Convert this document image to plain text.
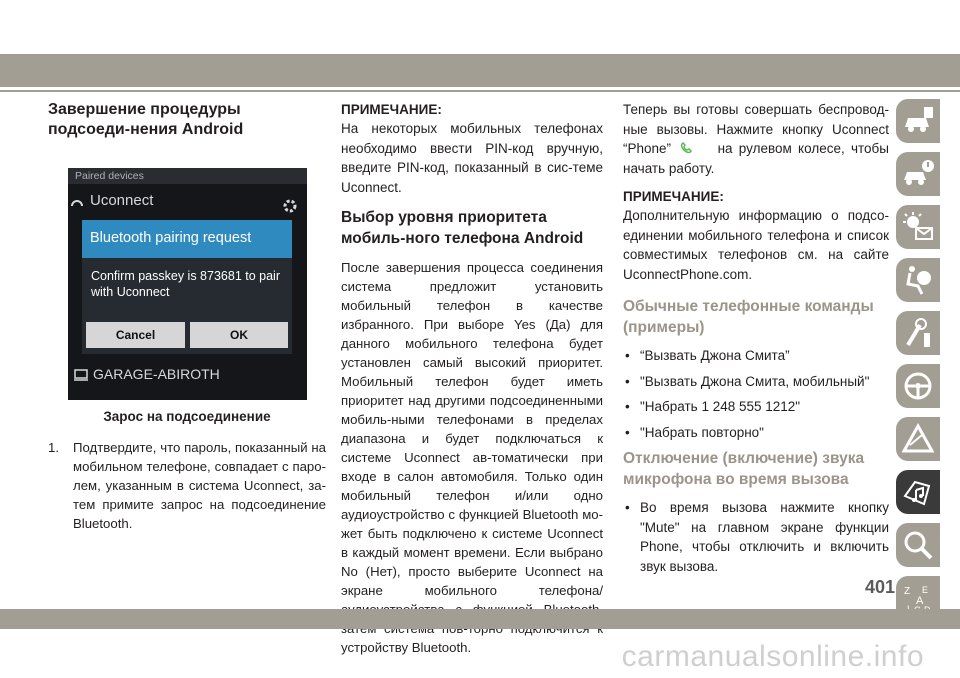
Завершение процедуры подсоеди-нения Android
Paired devices
Uconnect
Bluetooth pairing request
Confirm passkey is 873681 to pair with Uconnect
Cancel	OK
GARAGE-ABIROTH
Зарос на подсоединение
1. Подтвердите, что пароль, показанный на мобильном телефоне, совпадает с паро-лем, указанным в система Uconnect, за-тем примите запрос на подсоединение Bluetooth.

ПРИМЕЧАНИЕ:

На некоторых мобильных телефонах необходимо ввести PIN-код вручную, введите PIN-код, показанный в сис-теме Uconnect.

Выбор уровня приоритета мобиль-ного телефона Android

После завершения процесса соединения система предложит установить мобильный телефон в качестве избранного. При выборе Yes (Да) для данного мобильного телефона будет установлен самый высокий приоритет. Мобильный телефон будет иметь приоритет над другими подсоединенными мобиль-ными телефонами в пределах диапазона и будет подключаться к системе Uconnect ав-томатически при входе в салон автомобиля. Только один мобильный телефон и/или одно аудиоустройство с функцией Bluetooth мо-жет быть подключено к системе Uconnect в каждый момент времени. Если выбрано No (Нет), просто выберите Uconnect на экране мобильного телефона/ устройству Bluetooth.

Теперь вы готовы совершать беспровод-ные вызовы. Нажмите кнопку Uconnect “Phone”	на рулевом колесе, чтобы начать работу.

ПРИМЕЧАНИЕ:

Дополнительную информацию о подсо-единении мобильного телефона и список совместимых телефонов см. на сайте UconnectPhone.com.

Обычные телефонные команды (примеры)
• “Вызвать Джона Смита”
• "Вызвать Джона Смита, мобильный"
• "Набрать 1 248 555 1212"
• "Набрать повторно"
Отключение (включение) звука микрофона во время вызова
• Во время вызова нажмите кнопку "Mute" на главном экране функции Phone, чтобы отключить и включить звук вызова.
Z E
A
401
carmanualsonline.info
